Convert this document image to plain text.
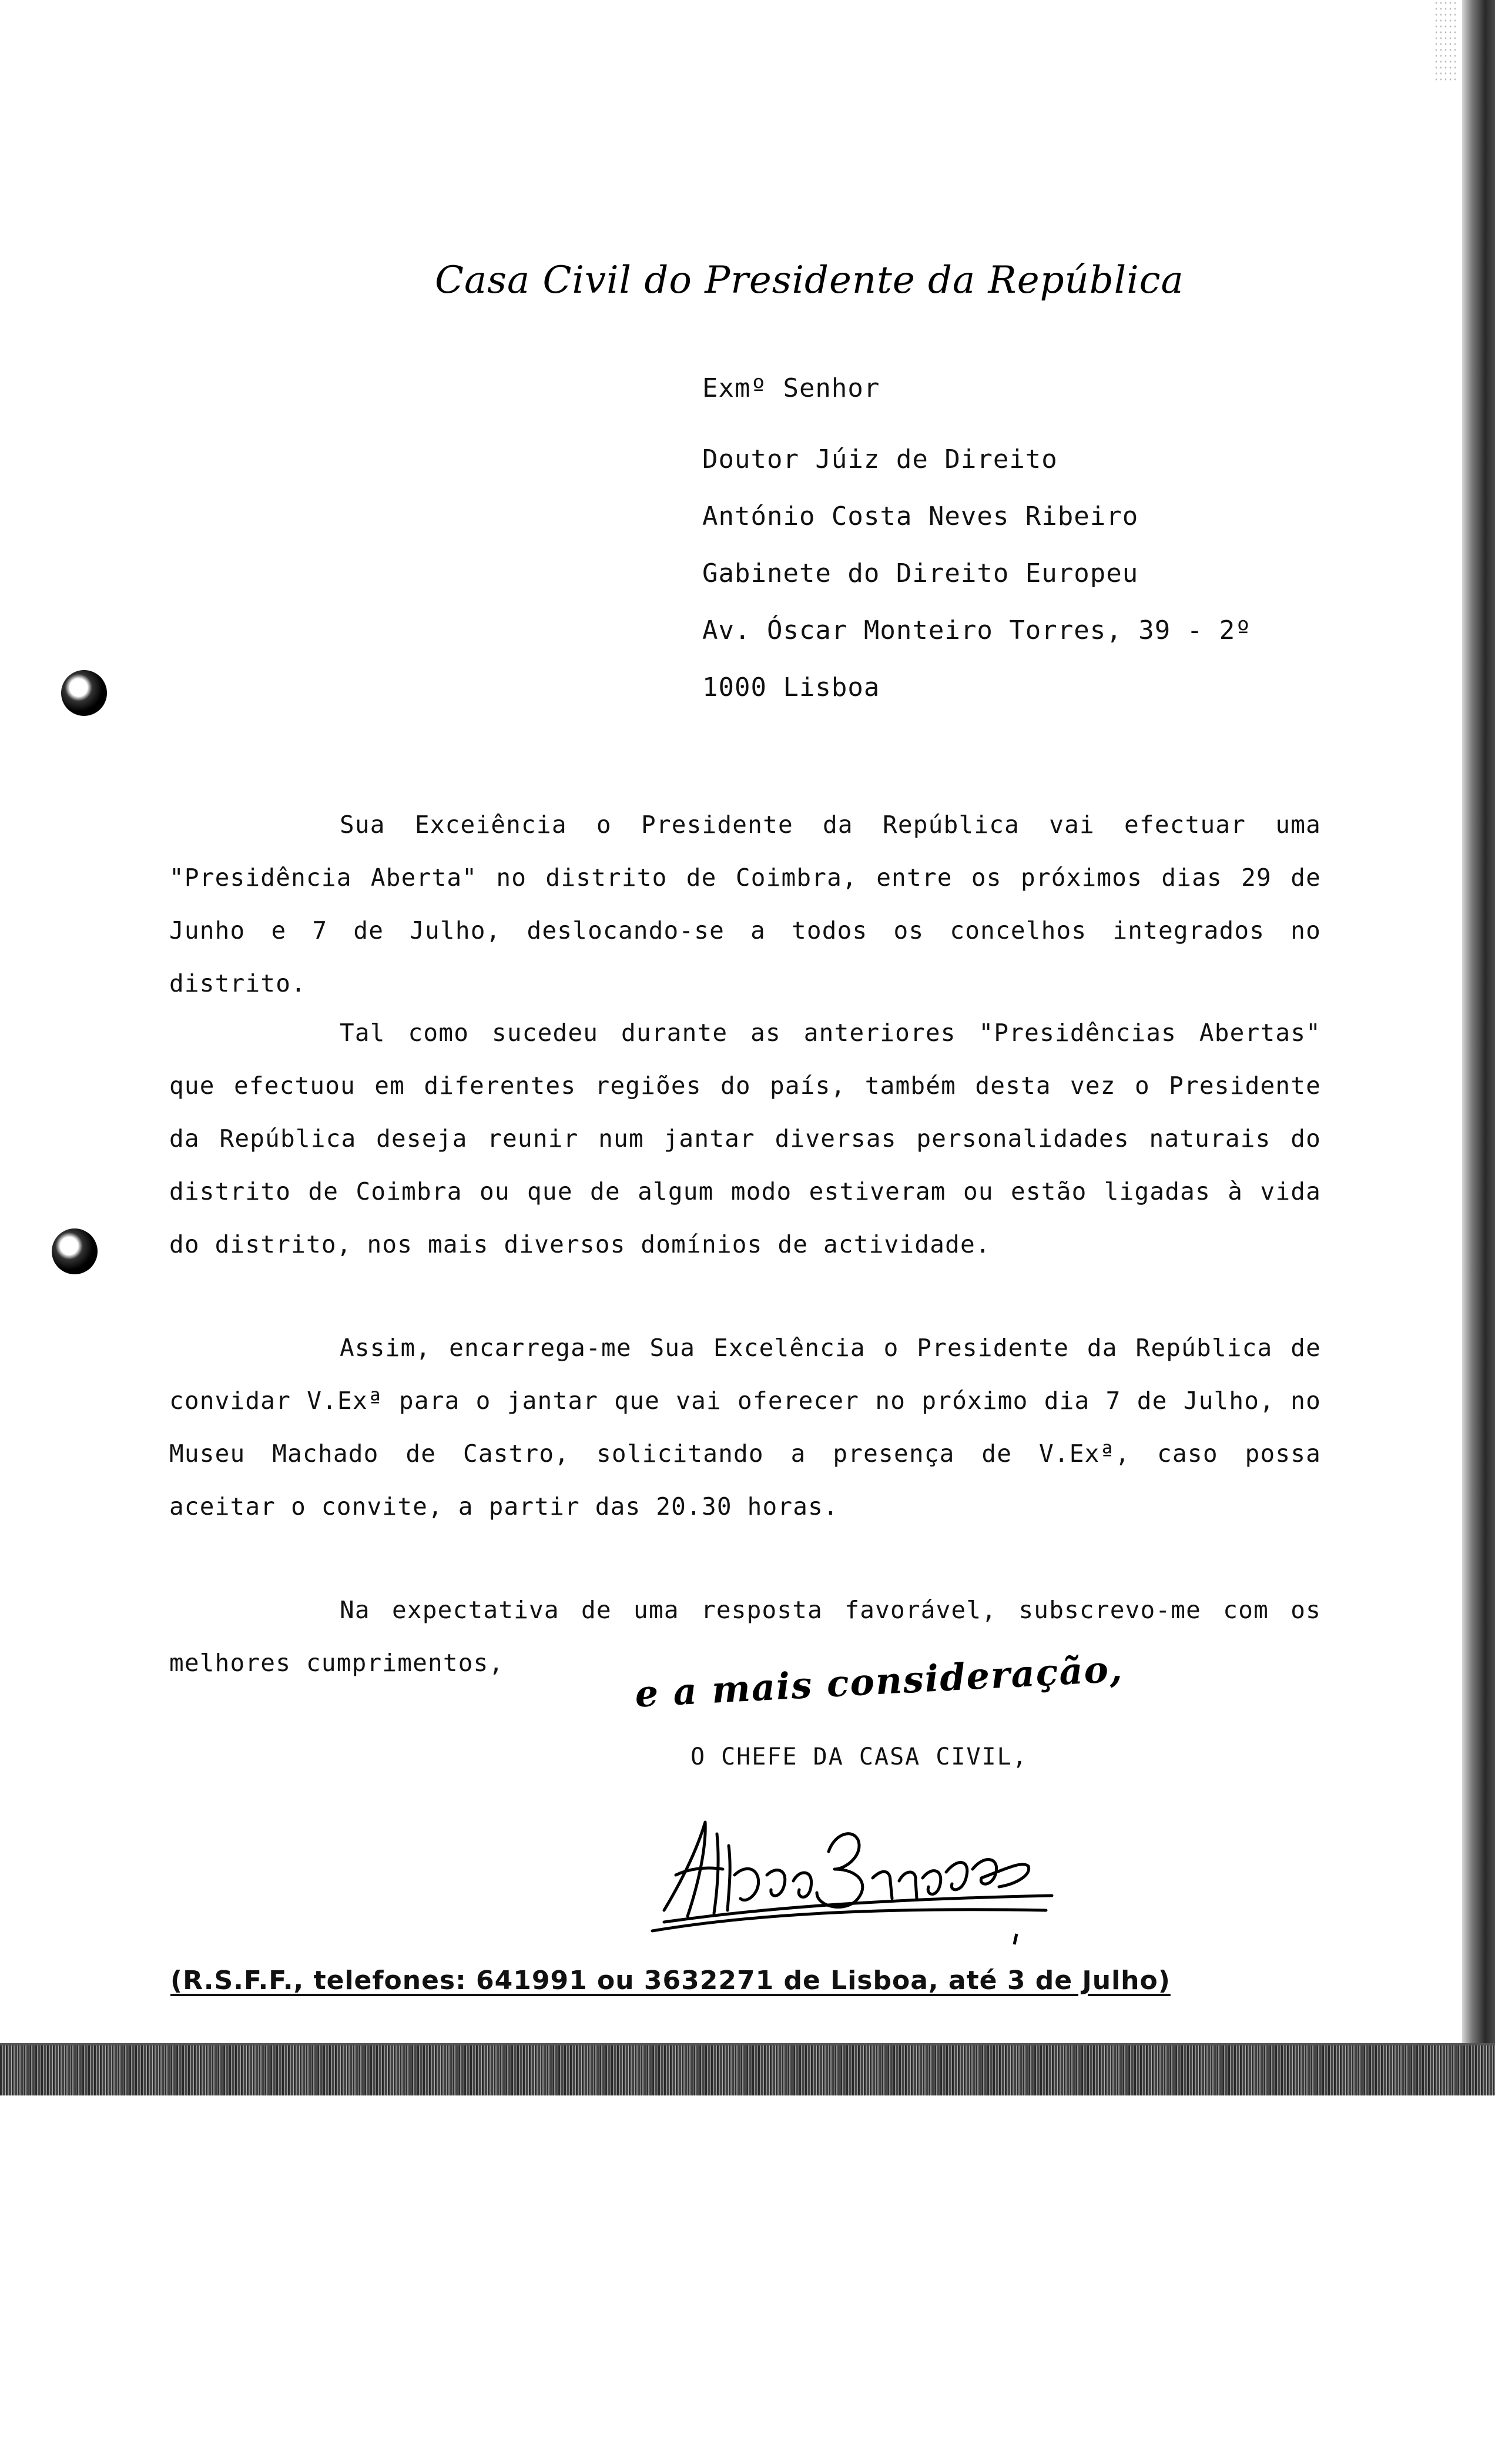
Casa Civil do Presidente da República
Exmº Senhor
Doutor Júiz de Direito
António Costa Neves Ribeiro
Gabinete do Direito Europeu
Av. Óscar Monteiro Torres, 39 - 2º
1000 Lisboa
Sua Exceiência o Presidente da República vai efectuar uma "Presidência Aberta" no distrito de Coimbra, entre os próximos dias 29 de Junho e 7 de Julho, deslocando-se a todos os concelhos integrados no distrito.
Tal como sucedeu durante as anteriores "Presidências Abertas" que efectuou em diferentes regiões do país, também desta vez o Presidente da República deseja reunir num jantar diversas personalidades naturais do distrito de Coimbra ou que de algum modo estiveram ou estão ligadas à vida do distrito, nos mais diversos domínios de actividade.
Assim, encarrega-me Sua Excelência o Presidente da República de convidar V.Exª para o jantar que vai oferecer no próximo dia 7 de Julho, no Museu Machado de Castro, solicitando a presença de V.Exª, caso possa aceitar o convite, a partir das 20.30 horas.
Na expectativa de uma resposta favorável, subscrevo-me com os melhores cumprimentos,	e a mais consideração,
O CHEFE DA CASA CIVIL,
(R.S.F.F., telefones: 641991 ou 3632271 de Lisboa, até 3 de Julho)
